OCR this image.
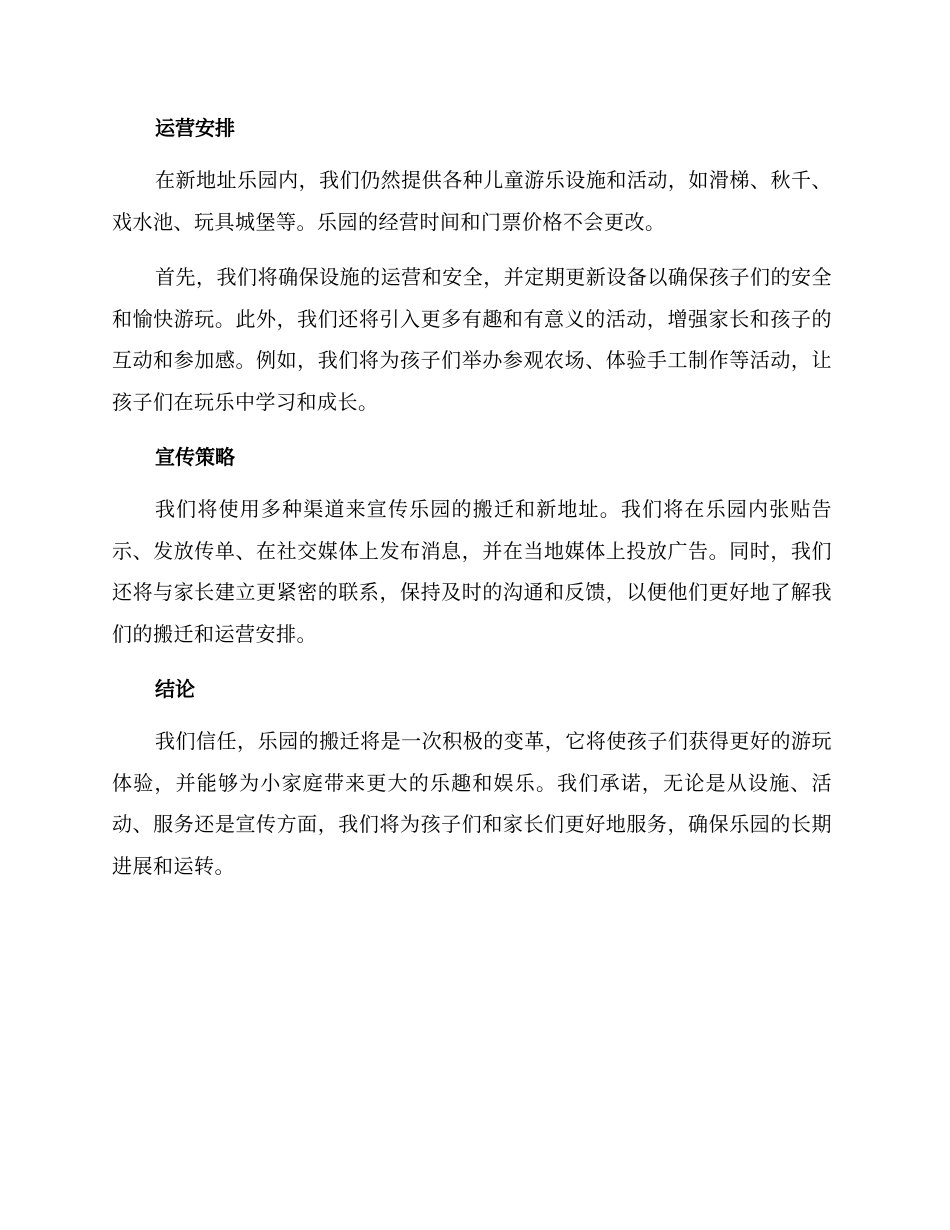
运营安排

在新地址乐园内，我们仍然提供各种儿童游乐设施和活动，如滑梯、秋千、戏水池、玩具城堡等。乐园的经营时间和门票价格不会更改。

首先，我们将确保设施的运营和安全，并定期更新设备以确保孩子们的安全和愉快游玩。此外，我们还将引入更多有趣和有意义的活动，增强家长和孩子的互动和参加感。例如，我们将为孩子们举办参观农场、体验手工制作等活动，让孩子们在玩乐中学习和成长。

宣传策略

我们将使用多种渠道来宣传乐园的搬迁和新地址。我们将在乐园内张贴告示、发放传单、在社交媒体上发布消息，并在当地媒体上投放广告。同时，我们还将与家长建立更紧密的联系，保持及时的沟通和反馈，以便他们更好地了解我们的搬迁和运营安排。

结论

我们信任，乐园的搬迁将是一次积极的变革，它将使孩子们获得更好的游玩体验，并能够为小家庭带来更大的乐趣和娱乐。我们承诺，无论是从设施、活动、服务还是宣传方面，我们将为孩子们和家长们更好地服务，确保乐园的长期进展和运转。
